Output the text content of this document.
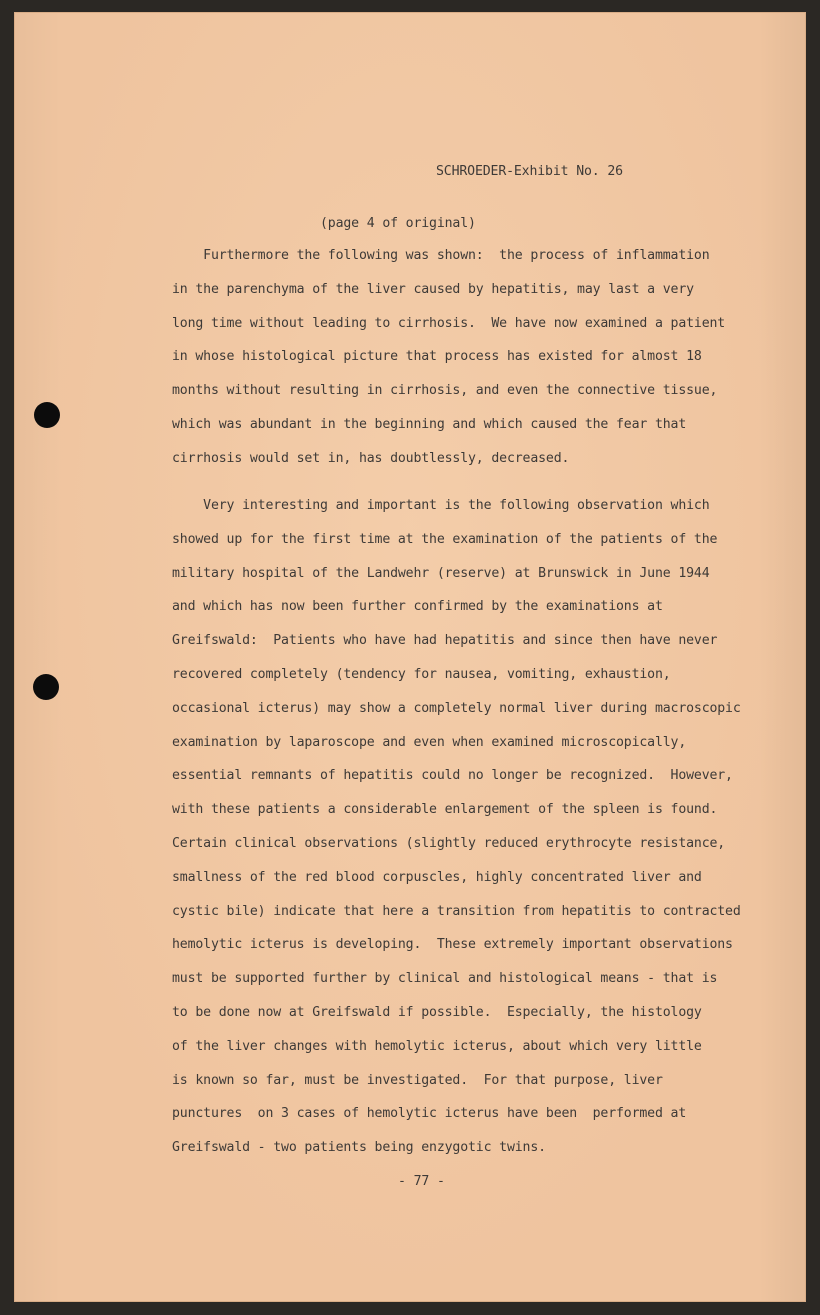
SCHROEDER-Exhibit No. 26
(page 4 of original)
Furthermore the following was shown:  the process of inflammation
in the parenchyma of the liver caused by hepatitis, may last a very
long time without leading to cirrhosis.  We have now examined a patient
in whose histological picture that process has existed for almost 18
months without resulting in cirrhosis, and even the connective tissue,
which was abundant in the beginning and which caused the fear that
cirrhosis would set in, has doubtlessly, decreased.
Very interesting and important is the following observation which
showed up for the first time at the examination of the patients of the
military hospital of the Landwehr (reserve) at Brunswick in June 1944
and which has now been further confirmed by the examinations at
Greifswald:  Patients who have had hepatitis and since then have never
recovered completely (tendency for nausea, vomiting, exhaustion,
occasional icterus) may show a completely normal liver during macroscopic
examination by laparoscope and even when examined microscopically,
essential remnants of hepatitis could no longer be recognized.  However,
with these patients a considerable enlargement of the spleen is found.
Certain clinical observations (slightly reduced erythrocyte resistance,
smallness of the red blood corpuscles, highly concentrated liver and
cystic bile) indicate that here a transition from hepatitis to contracted
hemolytic icterus is developing.  These extremely important observations
must be supported further by clinical and histological means - that is
to be done now at Greifswald if possible.  Especially, the histology
of the liver changes with hemolytic icterus, about which very little
is known so far, must be investigated.  For that purpose, liver
punctures  on 3 cases of hemolytic icterus have been  performed at
Greifswald - two patients being enzygotic twins.
- 77 -
